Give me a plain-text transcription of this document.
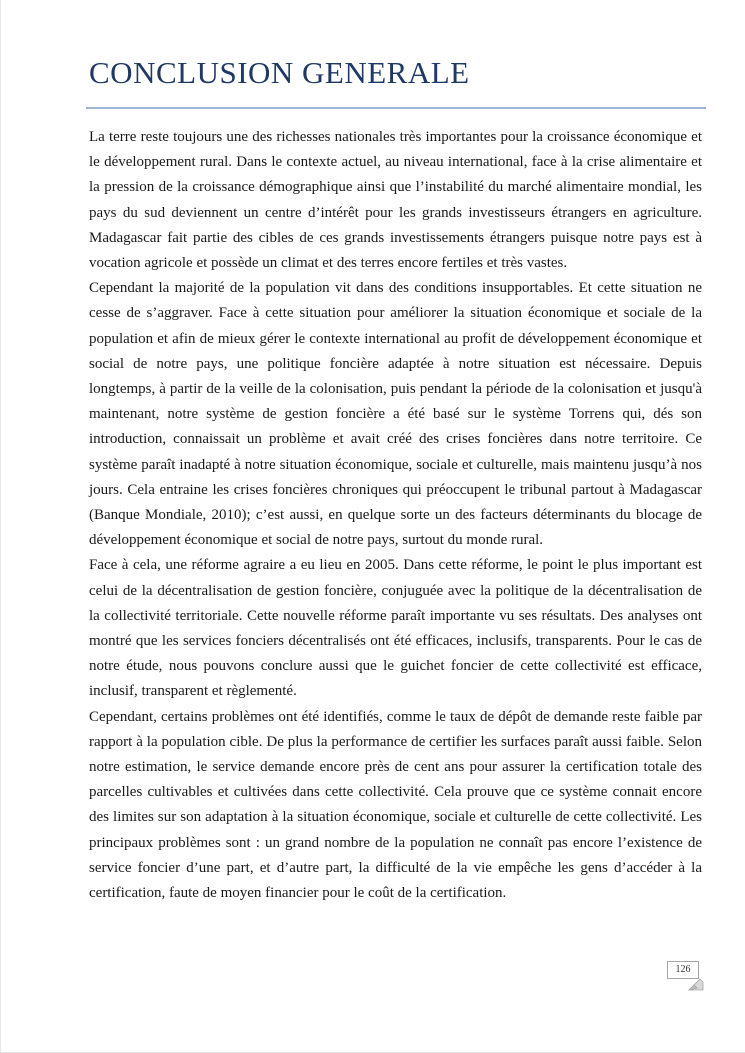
CONCLUSION GENERALE

La terre reste toujours une des richesses nationales très importantes pour la croissance économique et le développement rural. Dans le contexte actuel, au niveau international, face à la crise alimentaire et la pression de la croissance démographique ainsi que l’instabilité du marché alimentaire mondial, les pays du sud deviennent un centre d’intérêt pour les grands investisseurs étrangers en agriculture. Madagascar fait partie des cibles de ces grands investissements étrangers puisque notre pays est à vocation agricole et possède un climat et des terres encore fertiles et très vastes.

Cependant la majorité de la population vit dans des conditions insupportables. Et cette situation ne cesse de s’aggraver. Face à cette situation pour améliorer la situation économique et sociale de la population et afin de mieux gérer le contexte international au profit de développement économique et social de notre pays, une politique foncière adaptée à notre situation est nécessaire. Depuis longtemps, à partir de la veille de la colonisation, puis pendant la période de la colonisation et jusqu'à maintenant, notre système de gestion foncière a été basé sur le système Torrens qui, dés son introduction, connaissait un problème et avait créé des crises foncières dans notre territoire. Ce système paraît inadapté à notre situation économique, sociale et culturelle, mais maintenu jusqu’à nos jours. Cela entraine les crises foncières chroniques qui préoccupent le tribunal partout à Madagascar (Banque Mondiale, 2010); c’est aussi, en quelque sorte un des facteurs déterminants du blocage de développement économique et social de notre pays, surtout du monde rural.

Face à cela, une réforme agraire a eu lieu en 2005. Dans cette réforme, le point le plus important est celui de la décentralisation de gestion foncière, conjuguée avec la politique de la décentralisation de la collectivité territoriale. Cette nouvelle réforme paraît importante vu ses résultats. Des analyses ont montré que les services fonciers décentralisés ont été efficaces, inclusifs, transparents. Pour le cas de notre étude, nous pouvons conclure aussi que le guichet foncier de cette collectivité est efficace, inclusif, transparent et règlementé.

Cependant, certains problèmes ont été identifiés, comme le taux de dépôt de demande reste faible par rapport à la population cible. De plus la performance de certifier les surfaces paraît aussi faible. Selon notre estimation, le service demande encore près de cent ans pour assurer la certification totale des parcelles cultivables et cultivées dans cette collectivité. Cela prouve que ce système connait encore des limites sur son adaptation à la situation économique, sociale et culturelle de cette collectivité. Les principaux problèmes sont : un grand nombre de la population ne connaît pas encore l’existence de service foncier d’une part, et d’autre part, la difficulté de la vie empêche les gens d’accéder à la certification, faute de moyen financier pour le coût de la certification.

126
